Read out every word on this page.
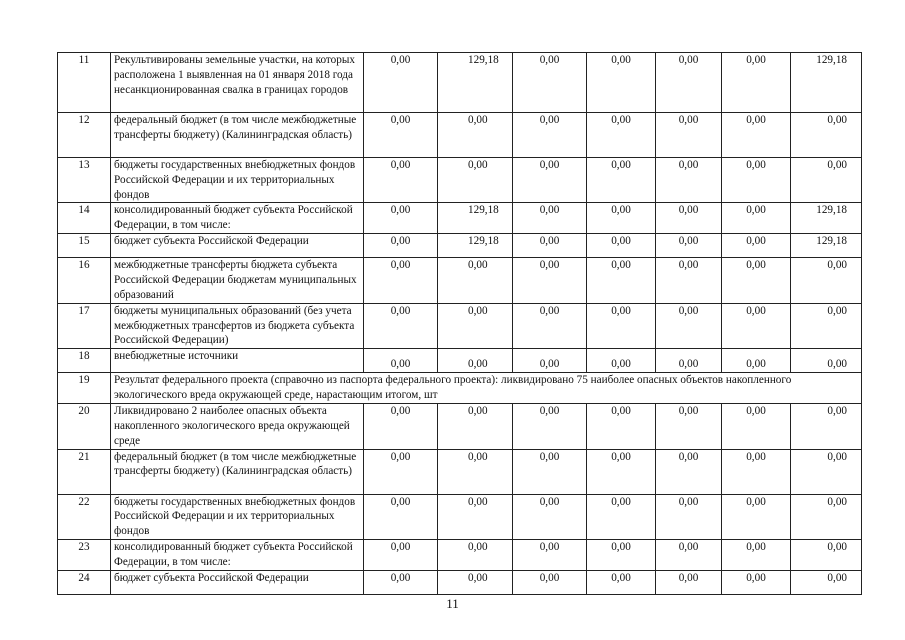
11	Рекультивированы земельные участки, на которых расположена 1 выявленная на 01 января 2018 года несанкционированная свалка в границах городов	0,00	129,18	0,00	0,00	0,00	0,00	129,18
12	федеральный бюджет (в том числе межбюджетные трансферты бюджету) (Калининградская область)	0,00	0,00	0,00	0,00	0,00	0,00	0,00
13	бюджеты государственных внебюджетных фондов Российской Федерации и их территориальных фондов	0,00	0,00	0,00	0,00	0,00	0,00	0,00
14	консолидированный бюджет субъекта Российской Федерации, в том числе:	0,00	129,18	0,00	0,00	0,00	0,00	129,18
15	бюджет субъекта Российской Федерации	0,00	129,18	0,00	0,00	0,00	0,00	129,18
16	межбюджетные трансферты бюджета субъекта Российской Федерации бюджетам муниципальных образований	0,00	0,00	0,00	0,00	0,00	0,00	0,00
17	бюджеты муниципальных образований (без учета межбюджетных трансфертов из бюджета субъекта Российской Федерации)	0,00	0,00	0,00	0,00	0,00	0,00	0,00
18	внебюджетные источники	0,00	0,00	0,00	0,00	0,00	0,00	0,00
19	Результат федерального проекта (справочно из паспорта федерального проекта): ликвидировано 75 наиболее опасных объектов накопленного экологического вреда окружающей среде, нарастающим итогом, шт							
20	Ликвидировано 2 наиболее опасных объекта накопленного экологического вреда окружающей среде	0,00	0,00	0,00	0,00	0,00	0,00	0,00
21	федеральный бюджет (в том числе межбюджетные трансферты бюджету) (Калининградская область)	0,00	0,00	0,00	0,00	0,00	0,00	0,00
22	бюджеты государственных внебюджетных фондов Российской Федерации и их территориальных фондов	0,00	0,00	0,00	0,00	0,00	0,00	0,00
23	консолидированный бюджет субъекта Российской Федерации, в том числе:	0,00	0,00	0,00	0,00	0,00	0,00	0,00
24	бюджет субъекта Российской Федерации	0,00	0,00	0,00	0,00	0,00	0,00	0,00
11
